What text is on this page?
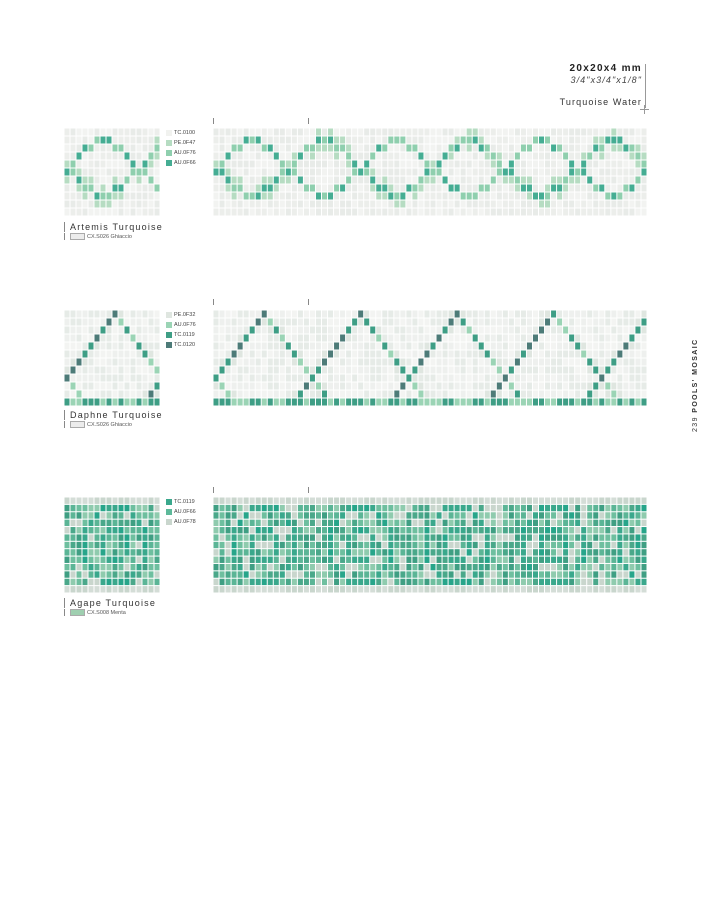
20x20x4 mm
3/4"x3/4"x1/8"
Turquoise Water
239 POOLS' MOSAIC
TC.0100
PE.0F47
AU.0F76
AU.0F66
Artemis Turquoise
CX.S026 Ghiaccio
PE.0F32
AU.0F76
TC.0119
TC.0120
Daphne Turquoise
CX.S026 Ghiaccio
TC.0119
AU.0F66
AU.0F78
Agape Turquoise
CX.S008 Menta
